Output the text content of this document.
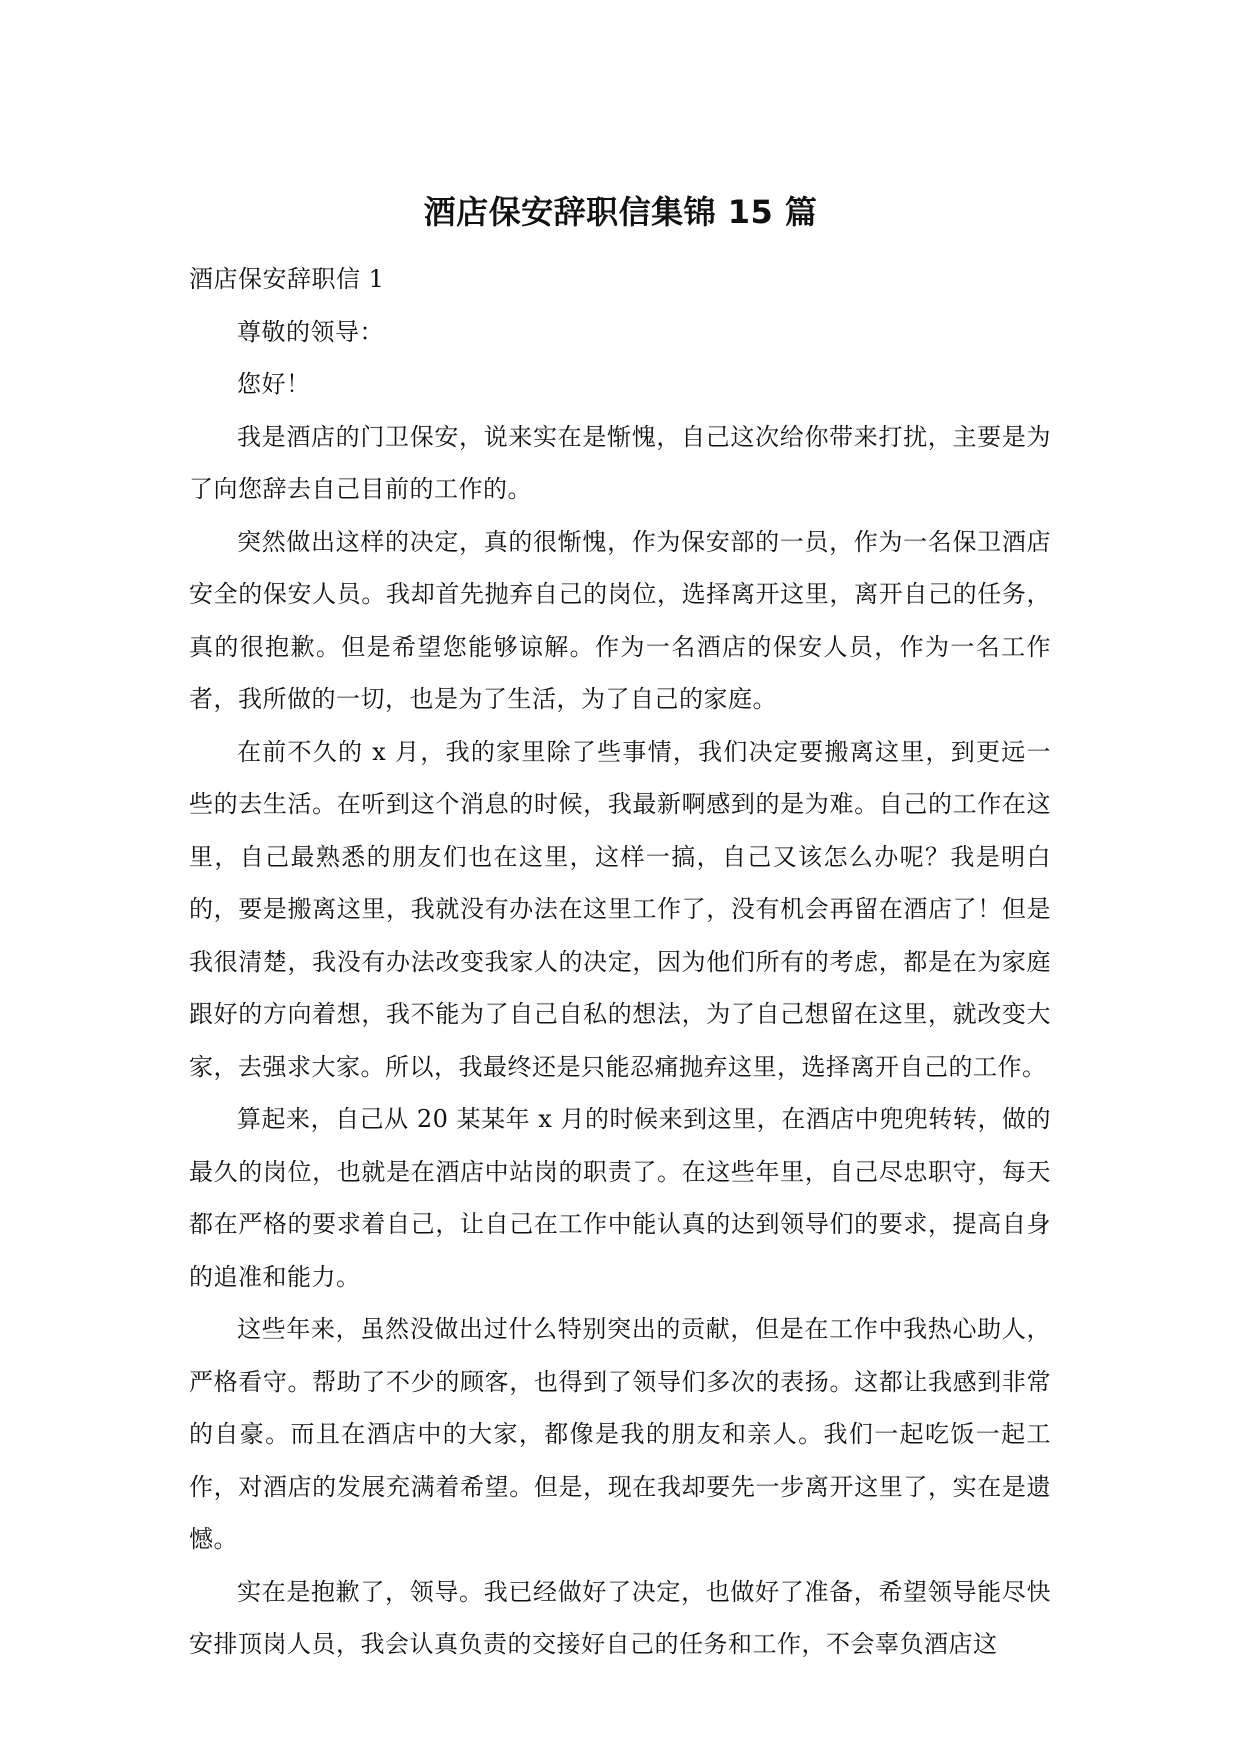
酒店保安辞职信集锦 15 篇

酒店保安辞职信 1

尊敬的领导：

您好！

我是酒店的门卫保安，说来实在是惭愧，自己这次给你带来打扰，主要是为了向您辞去自己目前的工作的。

突然做出这样的决定，真的很惭愧，作为保安部的一员，作为一名保卫酒店安全的保安人员。我却首先抛弃自己的岗位，选择离开这里，离开自己的任务，真的很抱歉。但是希望您能够谅解。作为一名酒店的保安人员，作为一名工作者，我所做的一切，也是为了生活，为了自己的家庭。

在前不久的 x 月，我的家里除了些事情，我们决定要搬离这里，到更远一些的去生活。在听到这个消息的时候，我最新啊感到的是为难。自己的工作在这里，自己最熟悉的朋友们也在这里，这样一搞，自己又该怎么办呢？我是明白的，要是搬离这里，我就没有办法在这里工作了，没有机会再留在酒店了！但是我很清楚，我没有办法改变我家人的决定，因为他们所有的考虑，都是在为家庭跟好的方向着想，我不能为了自己自私的想法，为了自己想留在这里，就改变大家，去强求大家。所以，我最终还是只能忍痛抛弃这里，选择离开自己的工作。

算起来，自己从 20 某某年 x 月的时候来到这里，在酒店中兜兜转转，做的最久的岗位，也就是在酒店中站岗的职责了。在这些年里，自己尽忠职守，每天都在严格的要求着自己，让自己在工作中能认真的达到领导们的要求，提高自身的追准和能力。

这些年来，虽然没做出过什么特别突出的贡献，但是在工作中我热心助人，严格看守。帮助了不少的顾客，也得到了领导们多次的表扬。这都让我感到非常的自豪。而且在酒店中的大家，都像是我的朋友和亲人。我们一起吃饭一起工作，对酒店的发展充满着希望。但是，现在我却要先一步离开这里了，实在是遗憾。

实在是抱歉了，领导。我已经做好了决定，也做好了准备，希望领导能尽快安排顶岗人员，我会认真负责的交接好自己的任务和工作，不会辜负酒店这
